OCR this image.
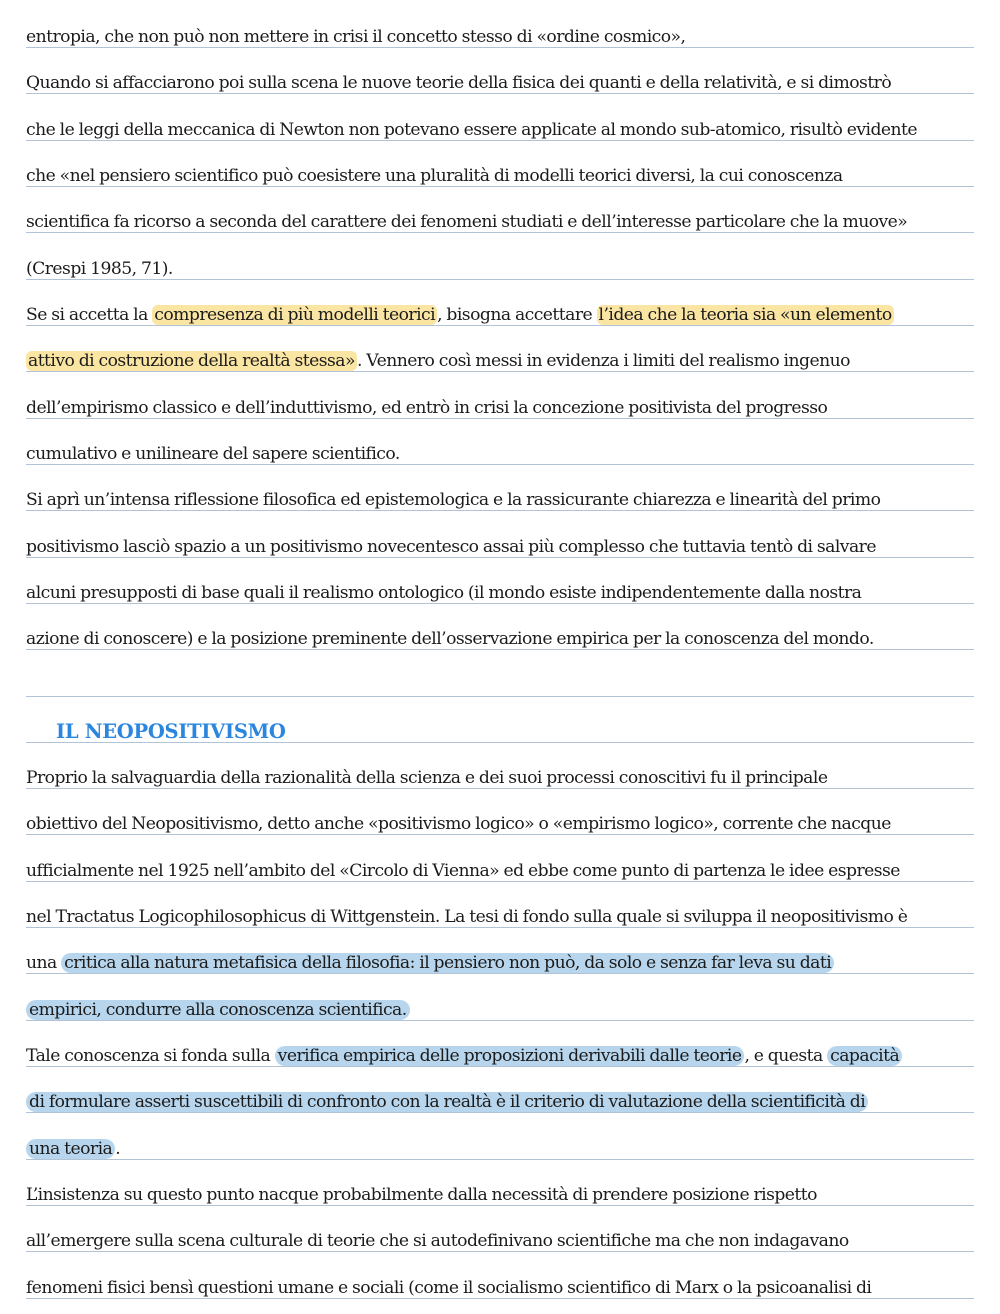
entropia, che non può non mettere in crisi il concetto stesso di «ordine cosmico»,
Quando si affacciarono poi sulla scena le nuove teorie della fisica dei quanti e della relatività, e si dimostrò
che le leggi della meccanica di Newton non potevano essere applicate al mondo sub-atomico, risultò evidente
che «nel pensiero scientifico può coesistere una pluralità di modelli teorici diversi, la cui conoscenza
scientifica fa ricorso a seconda del carattere dei fenomeni studiati e dell’interesse particolare che la muove»
(Crespi 1985, 71).
Se si accetta la compresenza di più modelli teorici , bisogna accettare l’idea che la teoria sia «un elemento
attivo di costruzione della realtà stessa» . Vennero così messi in evidenza i limiti del realismo ingenuo
dell’empirismo classico e dell’induttivismo, ed entrò in crisi la concezione positivista del progresso
cumulativo e unilineare del sapere scientifico.
Si aprì un’intensa riflessione filosofica ed epistemologica e la rassicurante chiarezza e linearità del primo
positivismo lasciò spazio a un positivismo novecentesco assai più complesso che tuttavia tentò di salvare
alcuni presupposti di base quali il realismo ontologico (il mondo esiste indipendentemente dalla nostra
azione di conoscere) e la posizione preminente dell’osservazione empirica per la conoscenza del mondo.
Proprio la salvaguardia della razionalità della scienza e dei suoi processi conoscitivi fu il principale
obiettivo del Neopositivismo, detto anche «positivismo logico» o «empirismo logico», corrente che nacque
ufficialmente nel 1925 nell’ambito del «Circolo di Vienna» ed ebbe come punto di partenza le idee espresse
nel Tractatus Logicophilosophicus di Wittgenstein. La tesi di fondo sulla quale si sviluppa il neopositivismo è
una critica alla natura metafisica della filosofia: il pensiero non può, da solo e senza far leva su dati
empirici, condurre alla conoscenza scientifica.
Tale conoscenza si fonda sulla verifica empirica delle proposizioni derivabili dalle teorie , e questa capacità
di formulare asserti suscettibili di confronto con la realtà è il criterio di valutazione della scientificità di
una teoria .
L’insistenza su questo punto nacque probabilmente dalla necessità di prendere posizione rispetto
all’emergere sulla scena culturale di teorie che si autodefinivano scientifiche ma che non indagavano
fenomeni fisici bensì questioni umane e sociali (come il socialismo scientifico di Marx o la psicoanalisi di
IL NEOPOSITIVISMO
